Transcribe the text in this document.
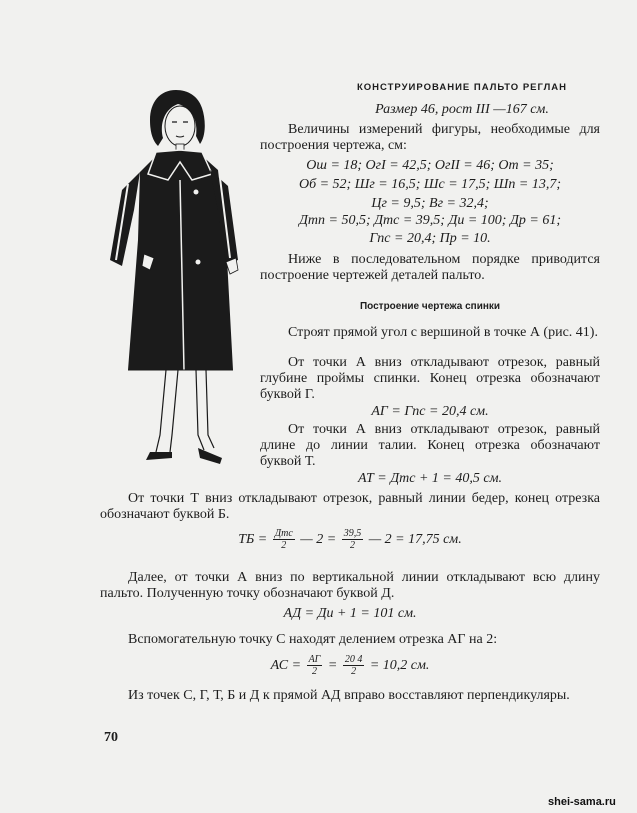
КОНСТРУИРОВАНИЕ ПАЛЬТО РЕГЛАН
Размер 46, рост III —167 см.
Величины измерений фигуры, необходимые для построения чертежа, см:
Ош = 18; ОгI = 42,5; ОгII = 46; От = 35;
Об = 52; Шг = 16,5; Шс = 17,5; Шп = 13,7;
Цг = 9,5; Вг = 32,4;
Дтп = 50,5; Дтс = 39,5; Ди = 100; Др = 61;
Гпс = 20,4; Пр = 10.
Ниже в последовательном порядке приводится построение чертежей деталей пальто.
Построение чертежа спинки
Строят прямой угол с вершиной в точке А (рис. 41).
От точки А вниз откладывают отрезок, равный глубине проймы спинки. Конец отрезка обозначают буквой Г.
АГ = Гпс = 20,4 см.
От точки А вниз откладывают отрезок, равный длине до линии талии. Конец отрезка обозначают буквой Т.
АТ = Дтс + 1 = 40,5 см.
От точки Т вниз откладывают отрезок, равный линии бедер, конец отрезка обозначают буквой Б.
ТБ = $\frac{\text{Дтс}}{2}$ — $2 = \frac{39,5}{2}$ — 2 = 17,75 см.
Далее, от точки А вниз по вертикальной линии откладывают всю длину пальто. Полученную точку обозначают буквой Д.
АД = Ди + 1 = 101 см.
Вспомогательную точку С находят делением отрезка АГ на 2:
АС = $\frac{АГ}{2} = \frac{20 4}{2} = 10,2$ см.
Из точек С, Г, Т, Б и Д к прямой АД вправо восставляют перпендикуляры.
70
shei-sama.ru
